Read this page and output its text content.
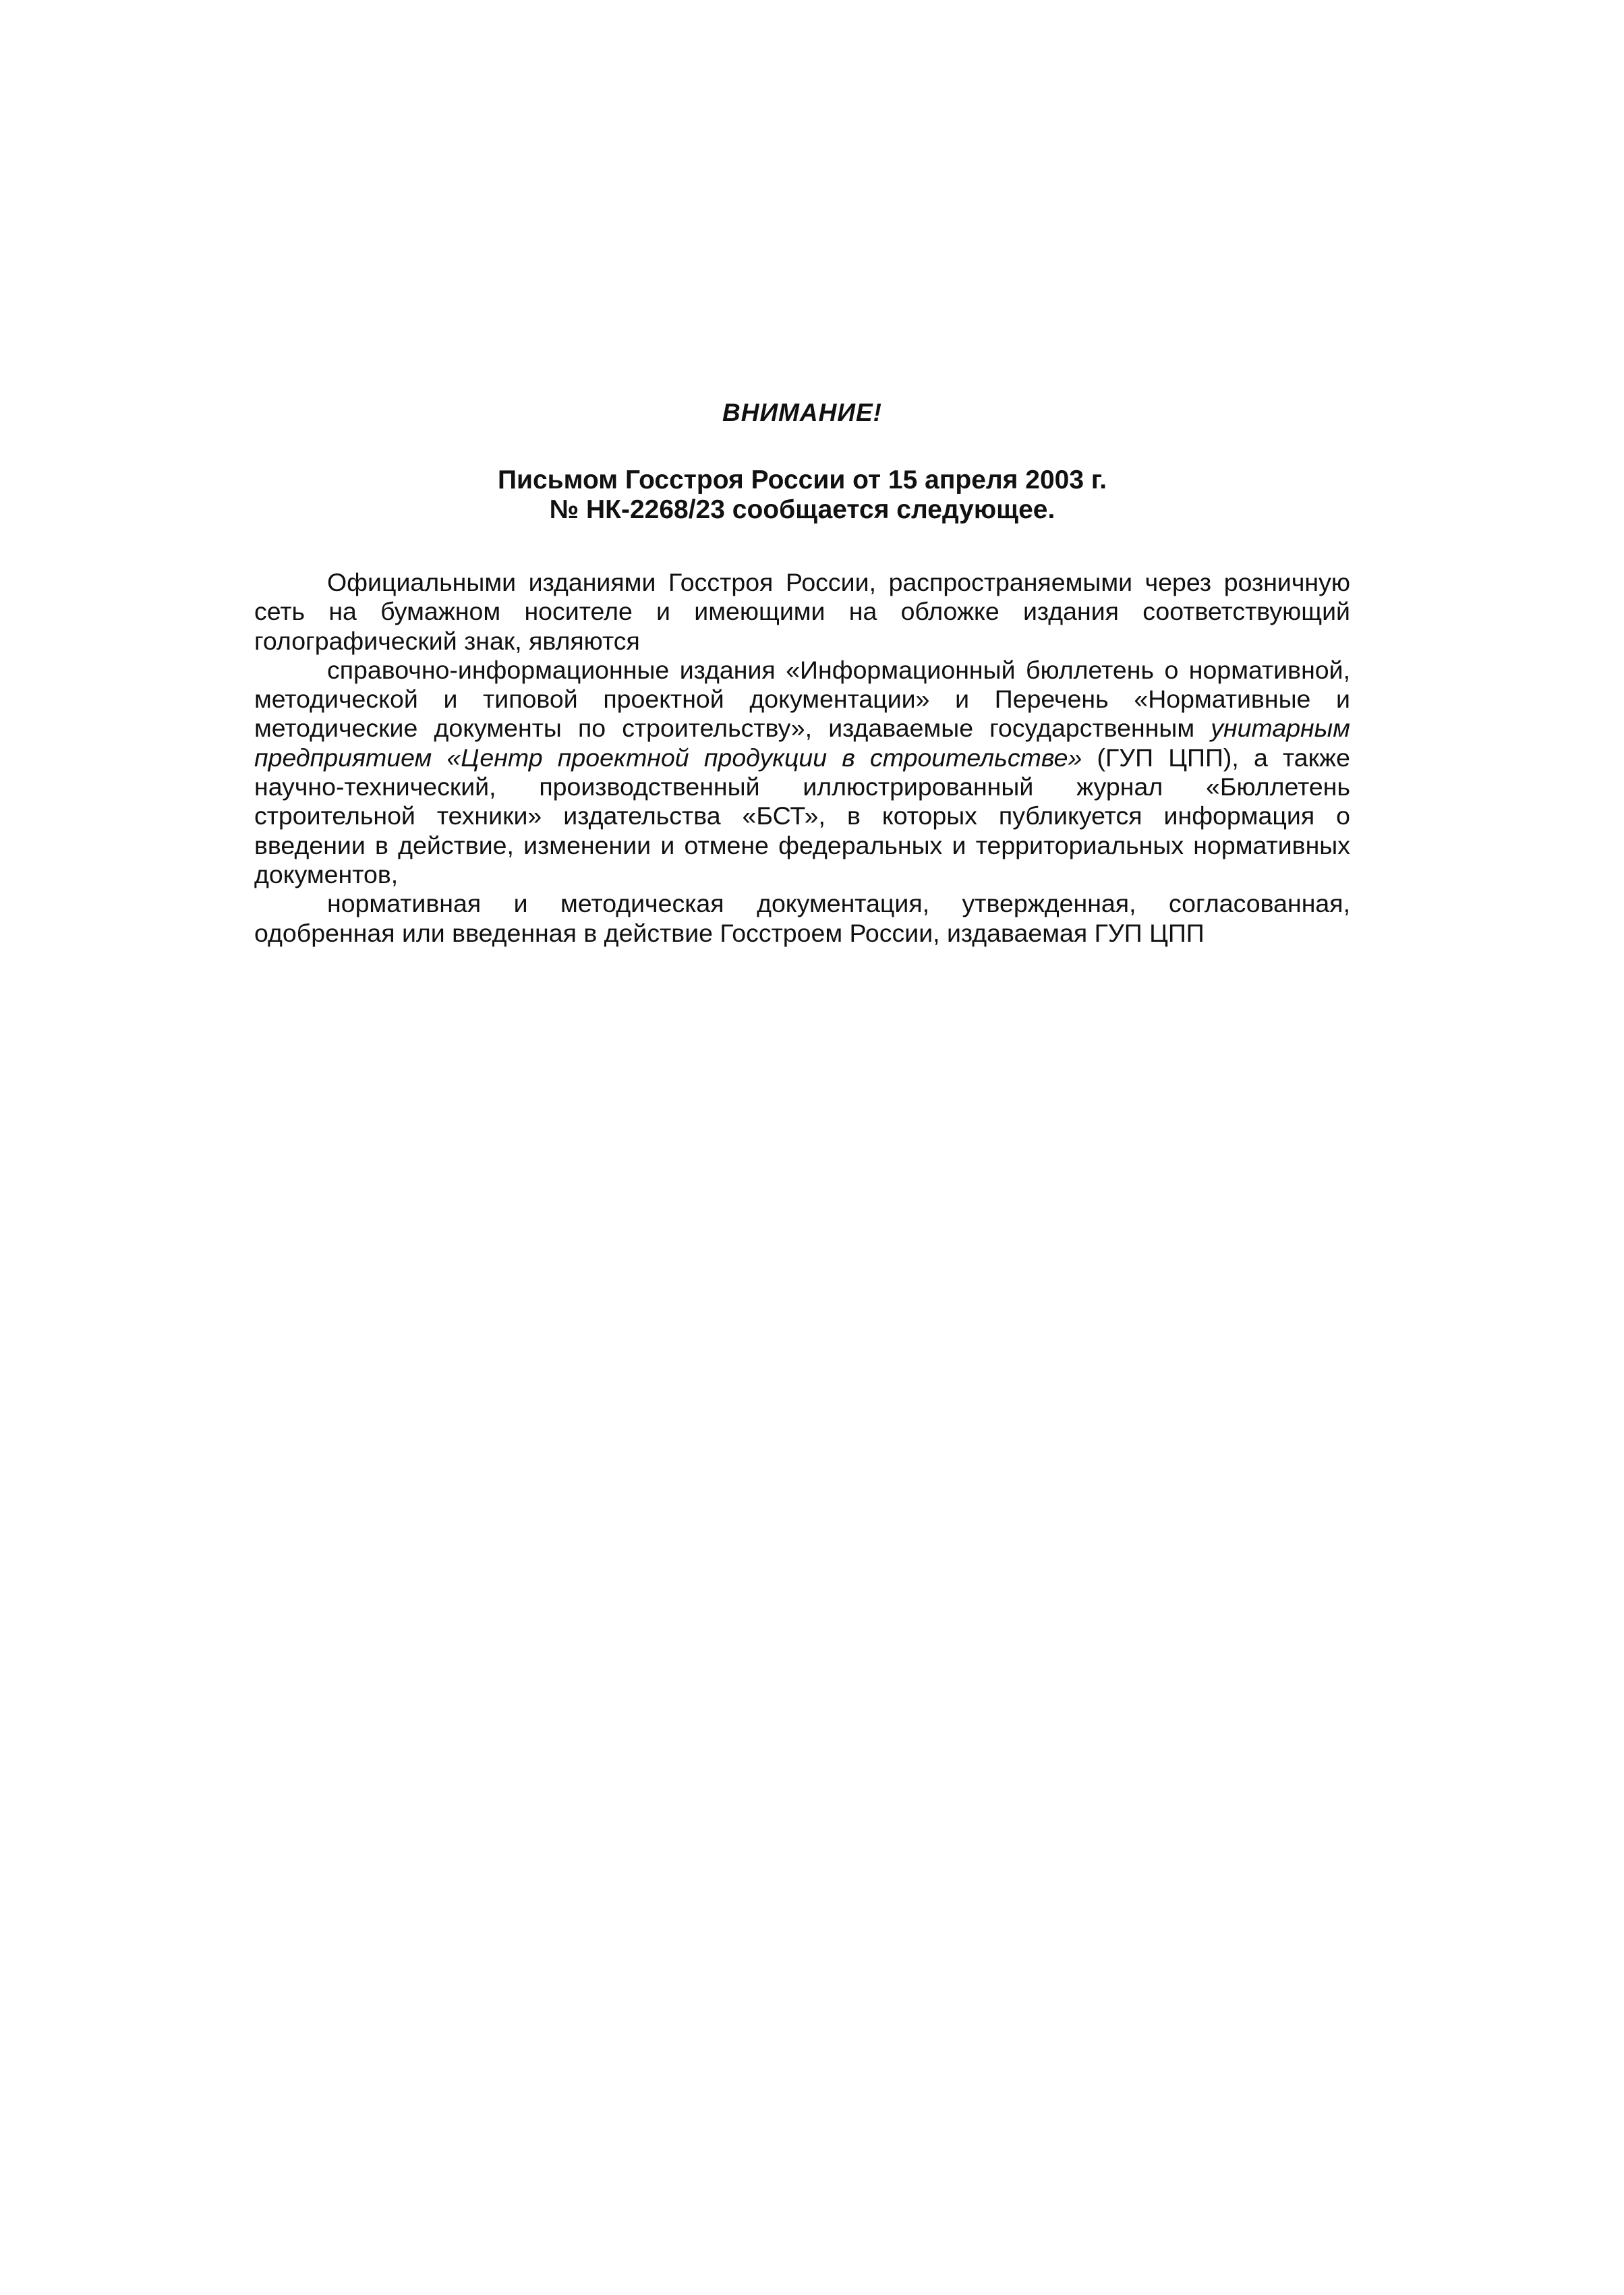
ВНИМАНИЕ!
Письмом Госстроя России от 15 апреля 2003 г.
№ НК-2268/23 сообщается следующее.

Официальными изданиями Госстроя России, распространяемыми через розничную сеть на бумажном носителе и имеющими на обложке издания соответствующий голографический знак, являются

справочно-информационные издания «Информационный бюллетень о нормативной, методической и типовой проектной документации» и Перечень «Нормативные и методические документы по строительству», издаваемые государственным унитарным предприятием «Центр проектной продукции в строительстве» (ГУП ЦПП), а также научно-технический, производственный иллюстрированный журнал «Бюллетень строительной техники» издательства «БСТ», в которых публикуется информация о введении в действие, изменении и отмене федеральных и территориальных нормативных документов,

нормативная и методическая документация, утвержденная, согласованная, одобренная или введенная в действие Госстроем России, издаваемая ГУП ЦПП
